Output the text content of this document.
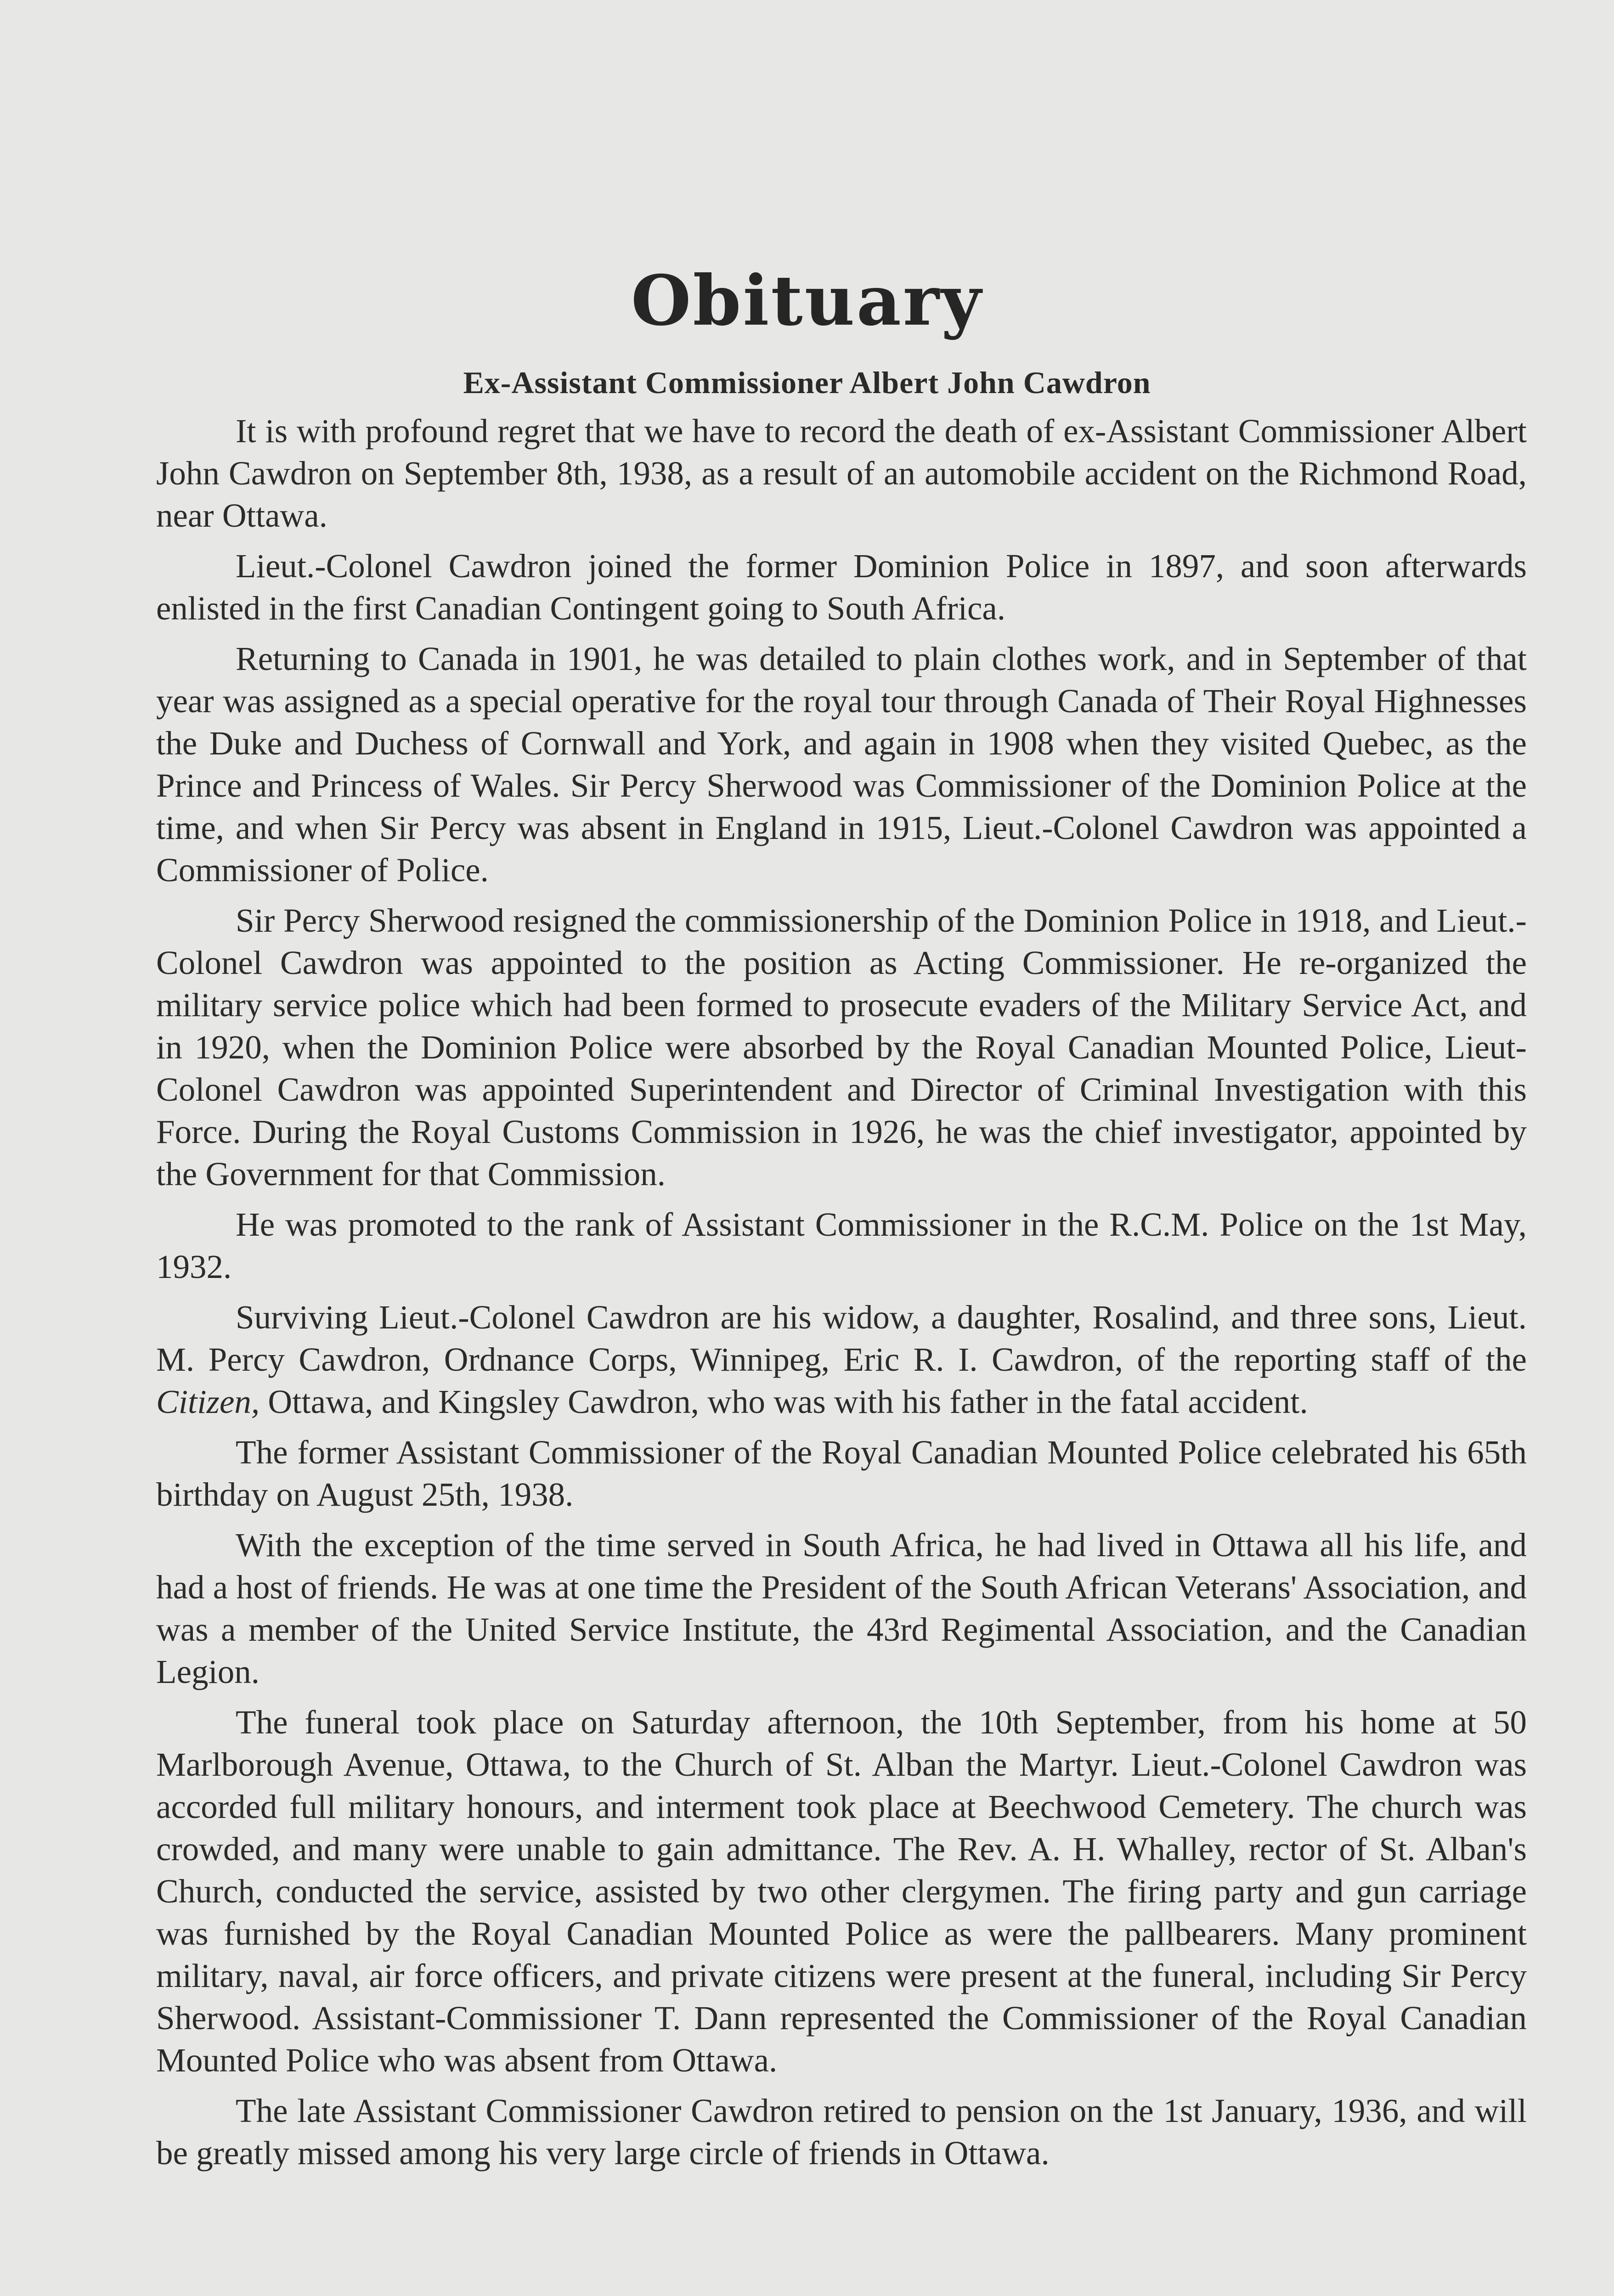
Obituary
Ex-Assistant Commissioner Albert John Cawdron

It is with profound regret that we have to record the death of ex-Assistant Commissioner Albert John Cawdron on September 8th, 1938, as a result of an automobile accident on the Richmond Road, near Ottawa.

Lieut.-Colonel Cawdron joined the former Dominion Police in 1897, and soon afterwards enlisted in the first Canadian Contingent going to South Africa.

Returning to Canada in 1901, he was detailed to plain clothes work, and in September of that year was assigned as a special operative for the royal tour through Canada of Their Royal Highnesses the Duke and Duchess of Cornwall and York, and again in 1908 when they visited Quebec, as the Prince and Princess of Wales. Sir Percy Sherwood was Commissioner of the Dominion Police at the time, and when Sir Percy was absent in England in 1915, Lieut.-Colonel Cawdron was appointed a Commissioner of Police.

Sir Percy Sherwood resigned the commissionership of the Dominion Police in 1918, and Lieut.-Colonel Cawdron was appointed to the position as Acting Commissioner. He re-organized the military service police which had been formed to prosecute evaders of the Military Service Act, and in 1920, when the Dominion Police were absorbed by the Royal Canadian Mounted Police, Lieut-Colonel Cawdron was appointed Superintendent and Director of Criminal Investigation with this Force. During the Royal Customs Commission in 1926, he was the chief investigator, appointed by the Government for that Commission.

He was promoted to the rank of Assistant Commissioner in the R.C.M. Police on the 1st May, 1932.

Surviving Lieut.-Colonel Cawdron are his widow, a daughter, Rosalind, and three sons, Lieut. M. Percy Cawdron, Ordnance Corps, Winnipeg, Eric R. I. Cawdron, of the reporting staff of the Citizen, Ottawa, and Kingsley Cawdron, who was with his father in the fatal accident.

The former Assistant Commissioner of the Royal Canadian Mounted Police celebrated his 65th birthday on August 25th, 1938.

With the exception of the time served in South Africa, he had lived in Ottawa all his life, and had a host of friends. He was at one time the President of the South African Veterans' Association, and was a member of the United Service Institute, the 43rd Regimental Association, and the Canadian Legion.

The funeral took place on Saturday afternoon, the 10th September, from his home at 50 Marlborough Avenue, Ottawa, to the Church of St. Alban the Martyr. Lieut.-Colonel Cawdron was accorded full military honours, and interment took place at Beechwood Cemetery. The church was crowded, and many were unable to gain admittance. The Rev. A. H. Whalley, rector of St. Alban's Church, conducted the service, assisted by two other clergymen. The firing party and gun carriage was furnished by the Royal Canadian Mounted Police as were the pallbearers. Many prominent military, naval, air force officers, and private citizens were present at the funeral, including Sir Percy Sherwood. Assistant-Commissioner T. Dann represented the Commissioner of the Royal Canadian Mounted Police who was absent from Ottawa.

The late Assistant Commissioner Cawdron retired to pension on the 1st January, 1936, and will be greatly missed among his very large circle of friends in Ottawa.
